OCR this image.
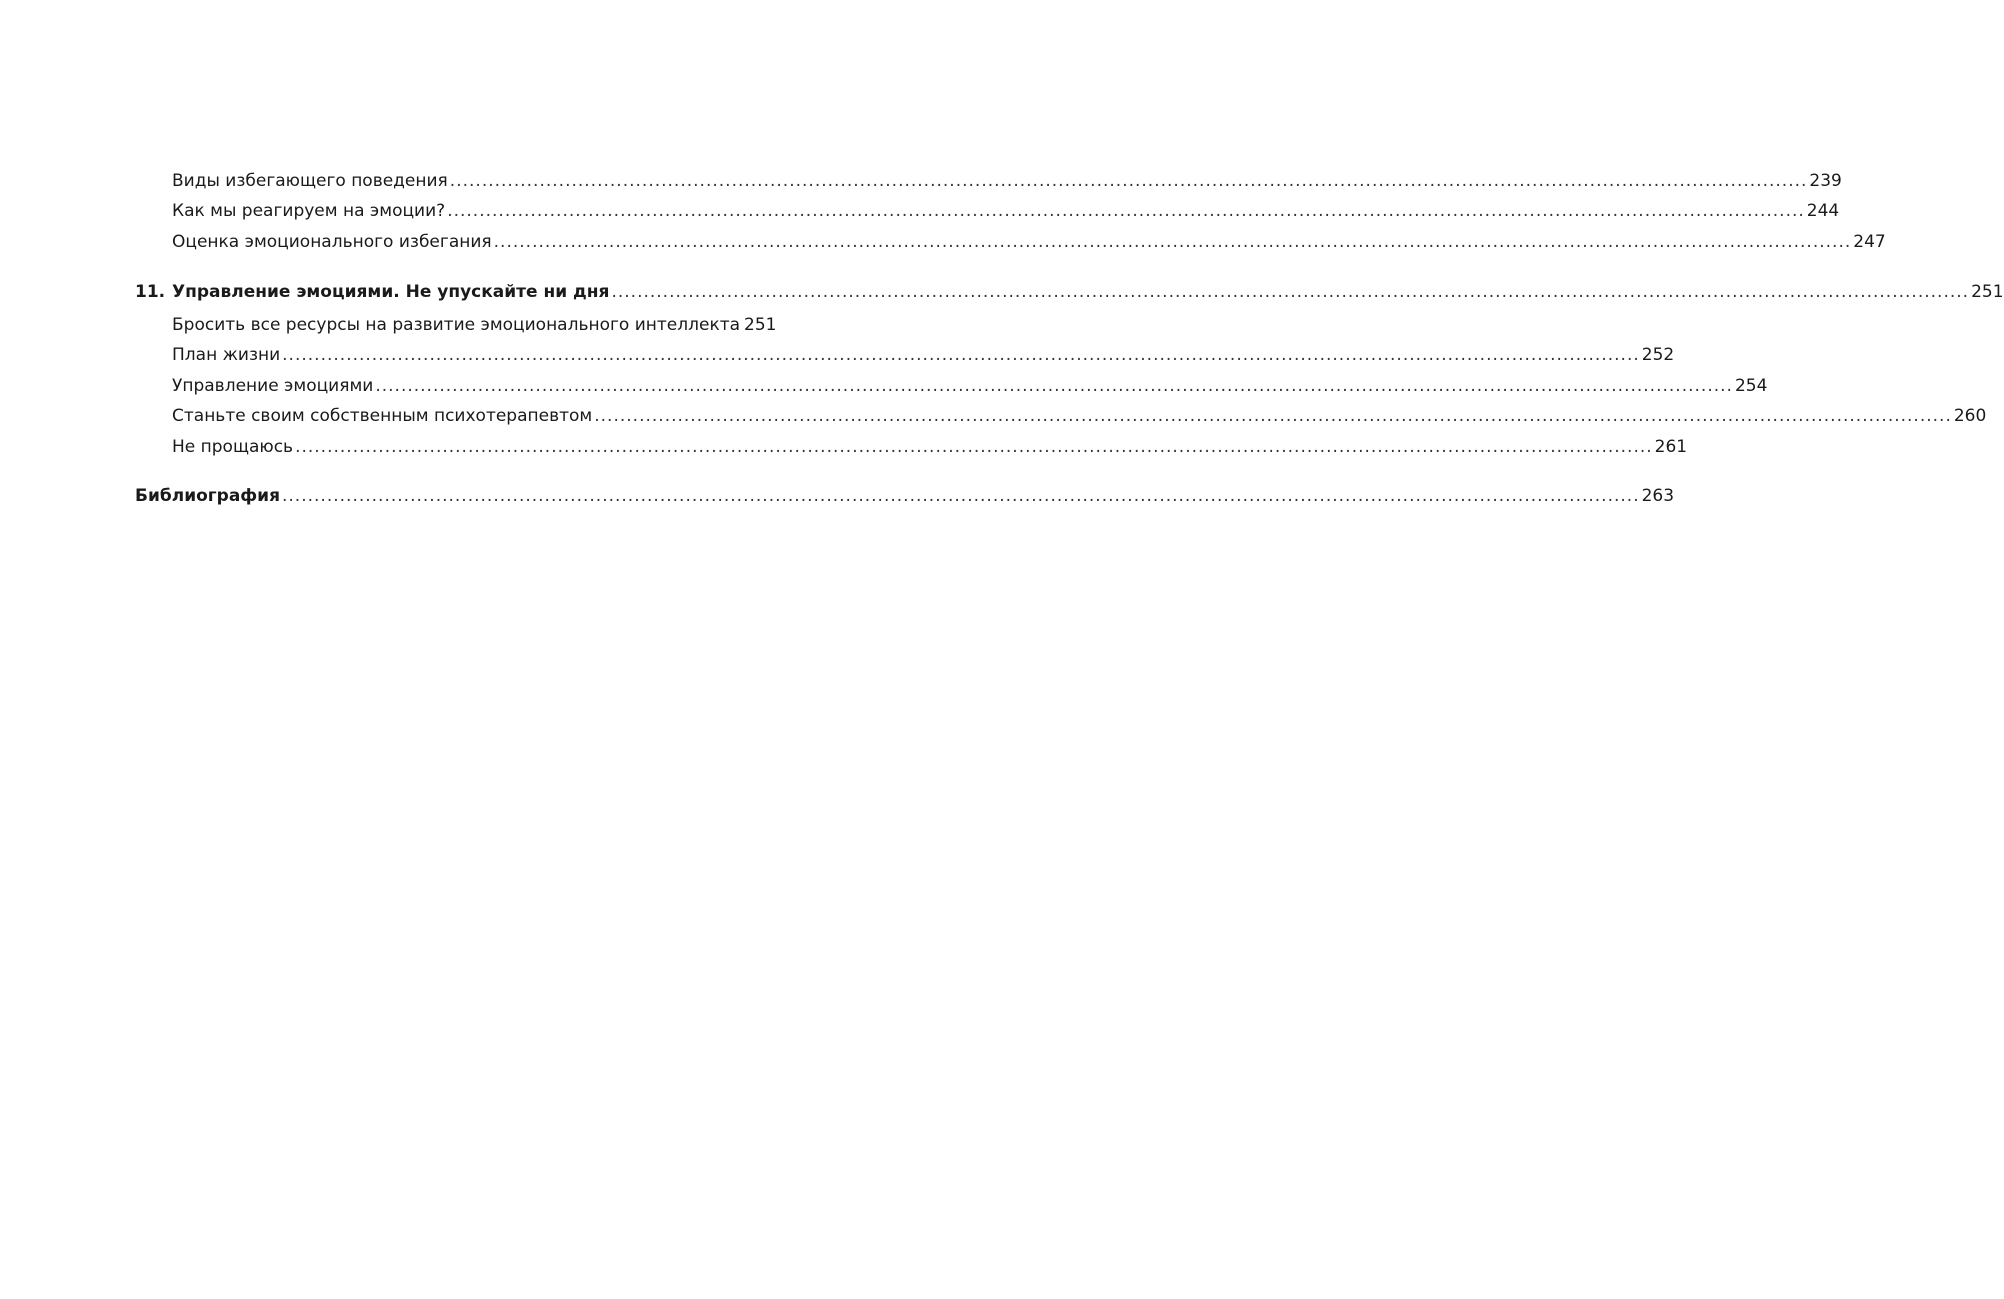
Виды избегающего поведения .....	239
Как мы реагируем на эмоции? .....	244
Оценка эмоционального избегания .....	247
11. Управление эмоциями. Не упускайте ни дня .....	251
Бросить все ресурсы на развитие эмоционального интеллекта 251
План жизни .....	252
Управление эмоциями .....	254
Станьте своим собственным психотерапевтом .....	260
Не прощаюсь .....	261
Библиография .....	263
